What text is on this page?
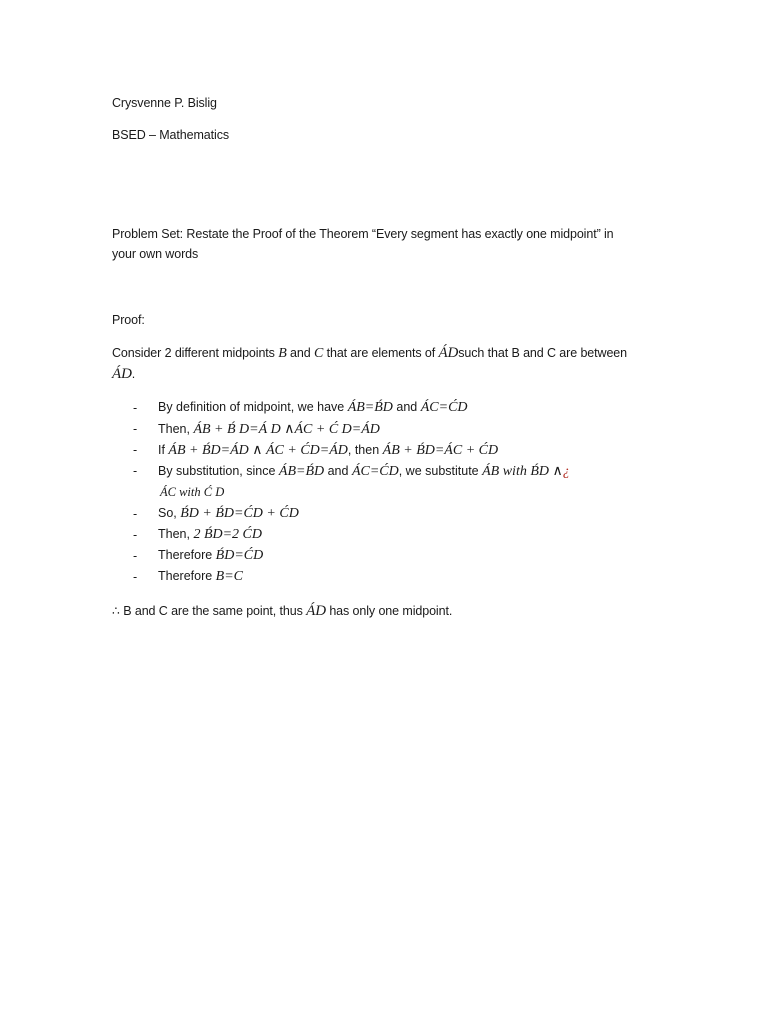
Crysvenne P. Bislig
BSED – Mathematics
Problem Set: Restate the Proof of the Theorem “Every segment has exactly one midpoint” in
your own words
Proof:
Consider 2 different midpoints B and C that are elements of ÁDsuch that B and C are between
ÁD.
- By definition of midpoint, we have ÁB=B́D and ÁC=ĆD
- Then, ÁB + B́ D=Á D ∧ÁC + Ć D=ÁD
- If ÁB + B́D=ÁD ∧ ÁC + ĆD=ÁD, then ÁB + B́D=ÁC + ĆD
- By substitution, since ÁB=B́D and ÁC=ĆD, we substitute ÁB with B́D ∧¿
ÁC with Ć D
- So, B́D + B́D=ĆD + ĆD
- Then, 2 B́D=2 ĆD
- Therefore B́D=ĆD
- Therefore B=C
∴ B and C are the same point, thus ÁD has only one midpoint.
